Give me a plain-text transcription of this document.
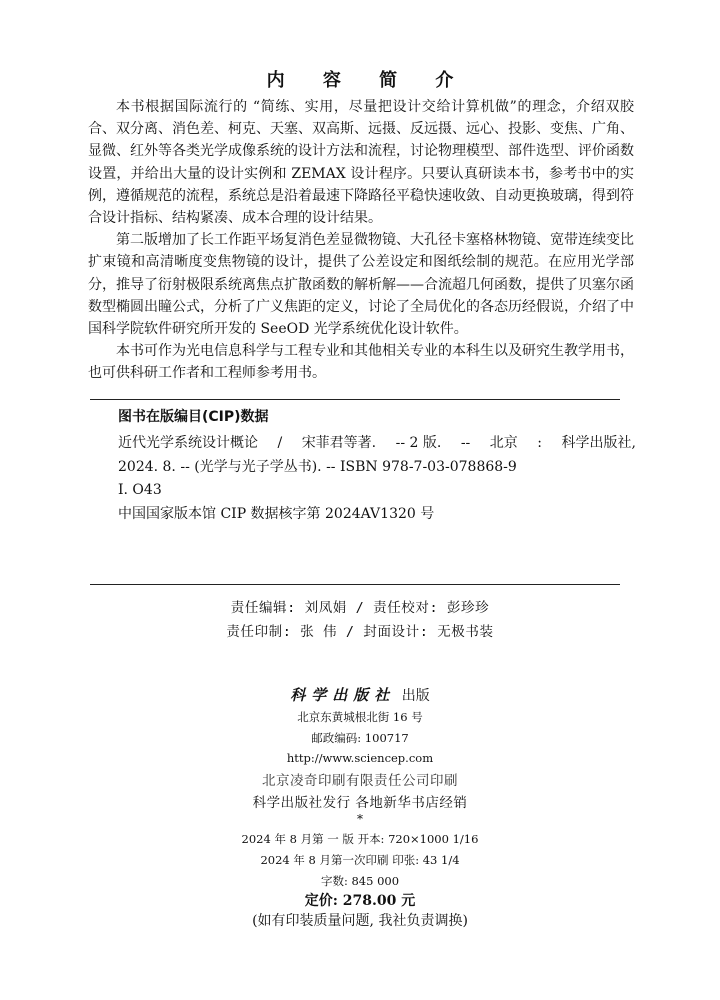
内 容 简 介

本书根据国际流行的 “简练、实用，尽量把设计交给计算机做”的理念，介绍双胶合、双分离、消色差、柯克、天塞、双高斯、远摄、反远摄、远心、投影、变焦、广角、显微、红外等各类光学成像系统的设计方法和流程，讨论物理模型、部件选型、评价函数设置，并给出大量的设计实例和 ZEMAX 设计程序。只要认真研读本书，参考书中的实例，遵循规范的流程，系统总是沿着最速下降路径平稳快速收敛、自动更换玻璃，得到符合设计指标、结构紧凑、成本合理的设计结果。

第二版增加了长工作距平场复消色差显微物镜、大孔径卡塞格林物镜、宽带连续变比扩束镜和高清晰度变焦物镜的设计，提供了公差设定和图纸绘制的规范。在应用光学部分，推导了衍射极限系统离焦点扩散函数的解析解——合流超几何函数，提供了贝塞尔函数型椭圆出瞳公式，分析了广义焦距的定义，讨论了全局优化的各态历经假说，介绍了中国科学院软件研究所开发的 SeeOD 光学系统优化设计软件。

本书可作为光电信息科学与工程专业和其他相关专业的本科生以及研究生教学用书，也可供科研工作者和工程师参考用书。

图书在版编目(CIP)数据
近代光学系统设计概论 / 宋菲君等著. -- 2 版. -- 北京 : 科学出版社,
2024. 8. -- (光学与光子学丛书). -- ISBN 978-7-03-078868-9
I. O43
中国国家版本馆 CIP 数据核字第 2024AV1320 号
责任编辑: 刘凤娟 / 责任校对: 彭珍珍
责任印制: 张 伟 / 封面设计: 无极书装
科学出版社 出版
北京东黄城根北街 16 号
邮政编码: 100717
http://www.sciencep.com
北京凌奇印刷有限责任公司印刷
科学出版社发行 各地新华书店经销
*
2024 年 8 月第 一 版 开本: 720×1000 1/16
2024 年 8 月第一次印刷 印张: 43 1/4
字数: 845 000
定价: 278.00 元
(如有印装质量问题, 我社负责调换)
